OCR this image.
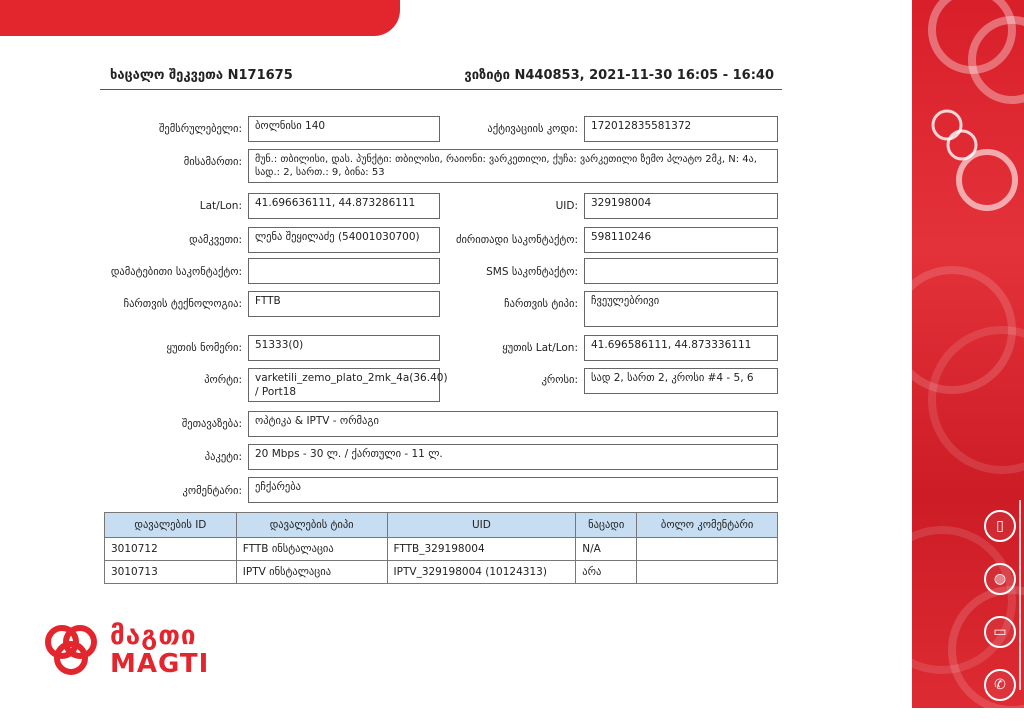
▯
◍
▭
✆
ხაცალო შეკვეთა N171675	ვიზიტი N440853, 2021-11-30 16:05 - 16:40
შემსრულებელი:	ბოლნისი 140	აქტივაციის კოდი:	172012835581372
მისამართი:	მუნ.: თბილისი, დას. პუნქტი: თბილისი, რაიონი: ვარკეთილი, ქუჩა: ვარკეთილი ზემო პლატო 2მკ, N: 4ა, სად.: 2, სართ.: 9, ბინა: 53
Lat/Lon:	41.696636111, 44.873286111	UID:	329198004
დამკვეთი:	ლენა შეყილაძე (54001030700)	ძირითადი საკონტაქტო:	598110246
დამატებითი საკონტაქტო:	SMS საკონტაქტო:
ჩართვის ტექნოლოგია:	FTTB	ჩართვის ტიპი:	ჩვეულებრივი
ყუთის ნომერი:	51333(0)	ყუთის Lat/Lon:	41.696586111, 44.873336111
პორტი:	varketili_zemo_plato_2mk_4a(36.40) / Port18
კროსი:	სად 2, სართ 2, კროსი #4 - 5, 6
შეთავაზება:	ოპტიკა & IPTV - ორმაგი
პაკეტი:	20 Mbps - 30 ლ. / ქართული - 11 ლ.
კომენტარი:	ეჩქარება
დავალების ID	დავალების ტიპი	UID	ნაცადი	ბოლო კომენტარი
3010712	FTTB ინსტალაცია	FTTB_329198004	N/A	
3010713	IPTV ინსტალაცია	IPTV_329198004 (10124313)	არა	
მაგთი
MAGTI
